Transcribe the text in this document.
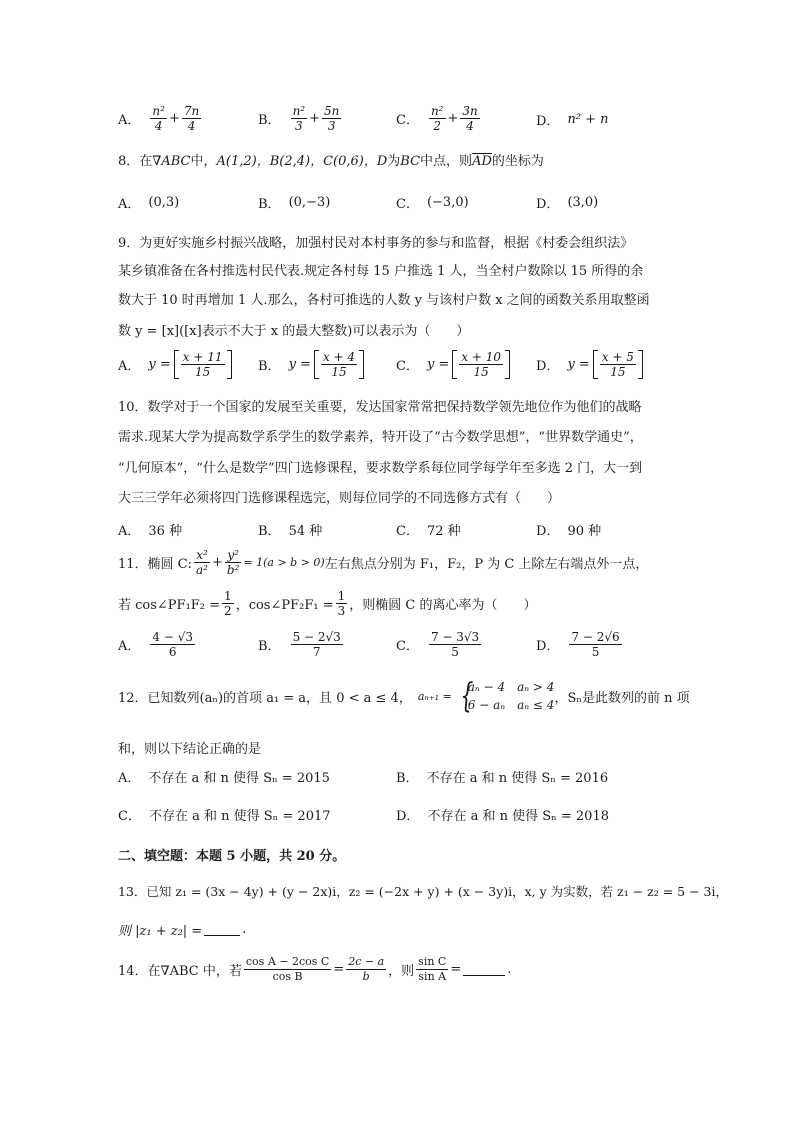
A． $\frac{\text{n²}}{4} + \frac{7n}{4}$	B． $\frac{\text{n²}}{3} + \frac{5n}{3}$	C． $\frac{\text{n²}}{2} + \frac{3n}{4}$	D． n² + n
8．在∇ABC中，A(1,2)，B(2,4)，C(0,6)，D为BC中点，则$\overline{AD}$的坐标为
A． (0,3)	B． (0,−3)	C． (−3,0)	D． (3,0)
9．为更好实施乡村振兴战略，加强村民对本村事务的参与和监督，根据《村委会组织法》
某乡镇准备在各村推选村民代表.规定各村每 15 户推选 1 人，当全村户数除以 15 所得的余
数大于 10 时再增加 1 人.那么，各村可推选的人数 y 与该村户数 x 之间的函数关系用取整函
数 y = [x]([x]表示不大于 x 的最大整数)可以表示为（　　）
A． $y = \frac{x + 11}{15}$	B． $y = \frac{x + 4}{15}$	C． $y = \frac{x + 10}{15}$	D． $y = \frac{x + 5}{15}$
10．数学对于一个国家的发展至关重要，发达国家常常把保持数学领先地位作为他们的战略
需求.现某大学为提高数学系学生的数学素养，特开设了“古今数学思想”，“世界数学通史”，
“几何原本”，“什么是数学”四门选修课程，要求数学系每位同学每学年至多选 2 门，大一到
大三三学年必须将四门选修课程选完，则每位同学的不同选修方式有（　　）
A． 36 种	B． 54 种	C． 72 种	D． 90 种
11．椭圆 C: $\frac{\text{x²}}{\text{a²}} + \frac{\text{y²}}{\text{b²}} = 1(a > b > 0)$ 左右焦点分别为 F₁，F₂，P 为 C 上除左右端点外一点，
若 cos∠PF₁F₂ = $\frac{1}{2}$ ，cos∠PF₂F₁ = $\frac{1}{3}$ ，则椭圆 C 的离心率为（　　）
A． $\frac{4 - √3}{6}$	B． $\frac{5 - 2√3}{7}$	C． $\frac{7 - 3√3}{5}$	D． $\frac{7 - 2√6}{5}$
12．已知数列(aₙ)的首项 a₁ = a，且 0 < a ≤ 4， aₙ₊₁ =
{ aₙ − 4　aₙ > 4
6 − aₙ　aₙ ≤ 4 ，Sₙ是此数列的前 n 项
和，则以下结论正确的是
A． 不存在 a 和 n 使得 Sₙ = 2015	B． 不存在 a 和 n 使得 Sₙ = 2016
C． 不存在 a 和 n 使得 Sₙ = 2017	D． 不存在 a 和 n 使得 Sₙ = 2018
二、填空题：本题 5 小题，共 20 分。
13．已知 z₁ = (3x − 4y) + (y − 2x)i，z₂ = (−2x + y) + (x − 3y)i，x, y 为实数，若 z₁ − z₂ = 5 − 3i，
则 |z₁ + z₂| =	.
14．在∇ABC 中，若 $\frac{\text{cos A − 2cos C}}{\text{cos B}} = \frac{2c - a}{b}$ ，则 $\frac{\text{sin C}}{\text{sin A}}$ =	.
